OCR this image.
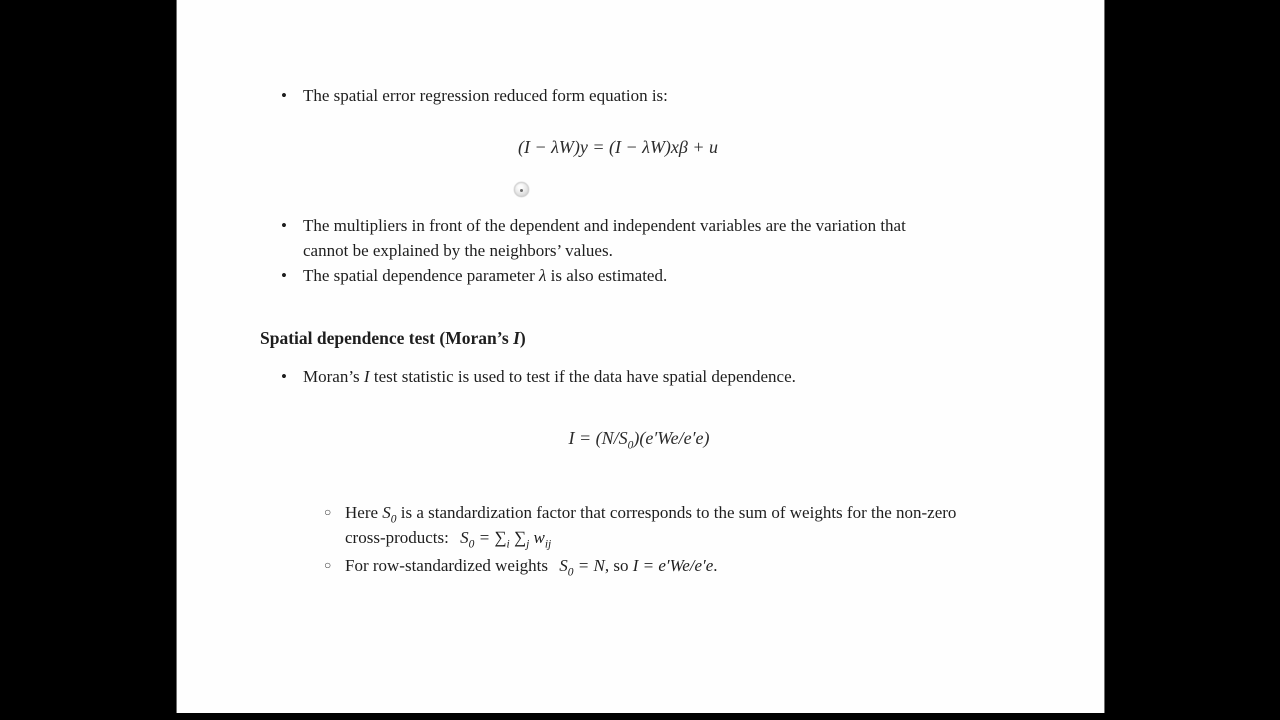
• The spatial error regression reduced form equation is:
(I − λW)y = (I − λW)xβ + u
• The multipliers in front of the dependent and independent variables are the variation that
cannot be explained by the neighbors’ values.
• The spatial dependence parameter λ is also estimated.
Spatial dependence test (Moran’s I)
• Moran’s I test statistic is used to test if the data have spatial dependence.
$I = (N/S_0)(e'We/e'e)$
○ Here $S_0$ is a standardization factor that corresponds to the sum of weights for the non-zero
cross-products: $S_0 = \sum_i$ $\sum_j$ $w_{ij}$
○ For row-standardized weights $S_0 = N$, so I = e′We/e′e.
